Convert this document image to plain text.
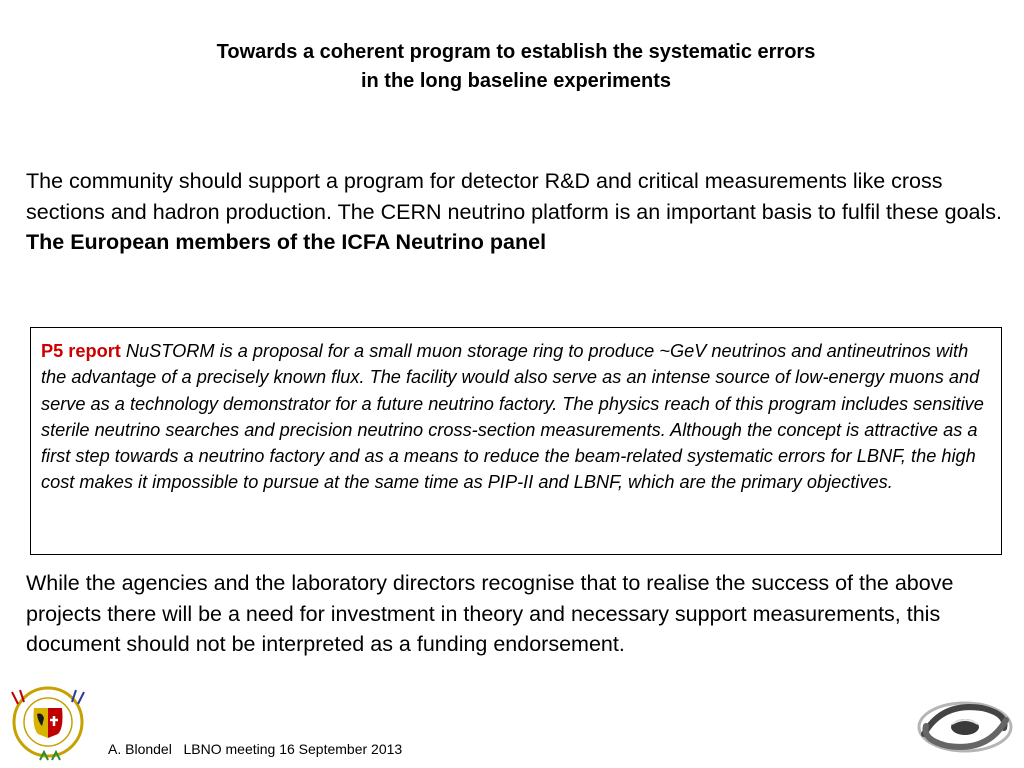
Towards a coherent program to establish the systematic errors
in the long baseline experiments
The community should support a program for detector R&D and critical measurements like cross sections and hadron production. The CERN neutrino platform is an important basis to fulfil these goals.
The European members of the ICFA Neutrino panel
P5 report NuSTORM is a proposal for a small muon storage ring to produce ~GeV neutrinos and antineutrinos with the advantage of a precisely known flux. The facility would also serve as an intense source of low-energy muons and serve as a technology demonstrator for a future neutrino factory. The physics reach of this program includes sensitive sterile neutrino searches and precision neutrino cross-section measurements. Although the concept is attractive as a first step towards a neutrino factory and as a means to reduce the beam-related systematic errors for LBNF, the high cost makes it impossible to pursue at the same time as PIP-II and LBNF, which are the primary objectives.
While the agencies and the laboratory directors recognise that to realise the success of the above projects there will be a need for investment in theory and necessary support measurements, this document should not be interpreted as a funding endorsement.
A. Blondel   LBNO meeting 16 September 2013
